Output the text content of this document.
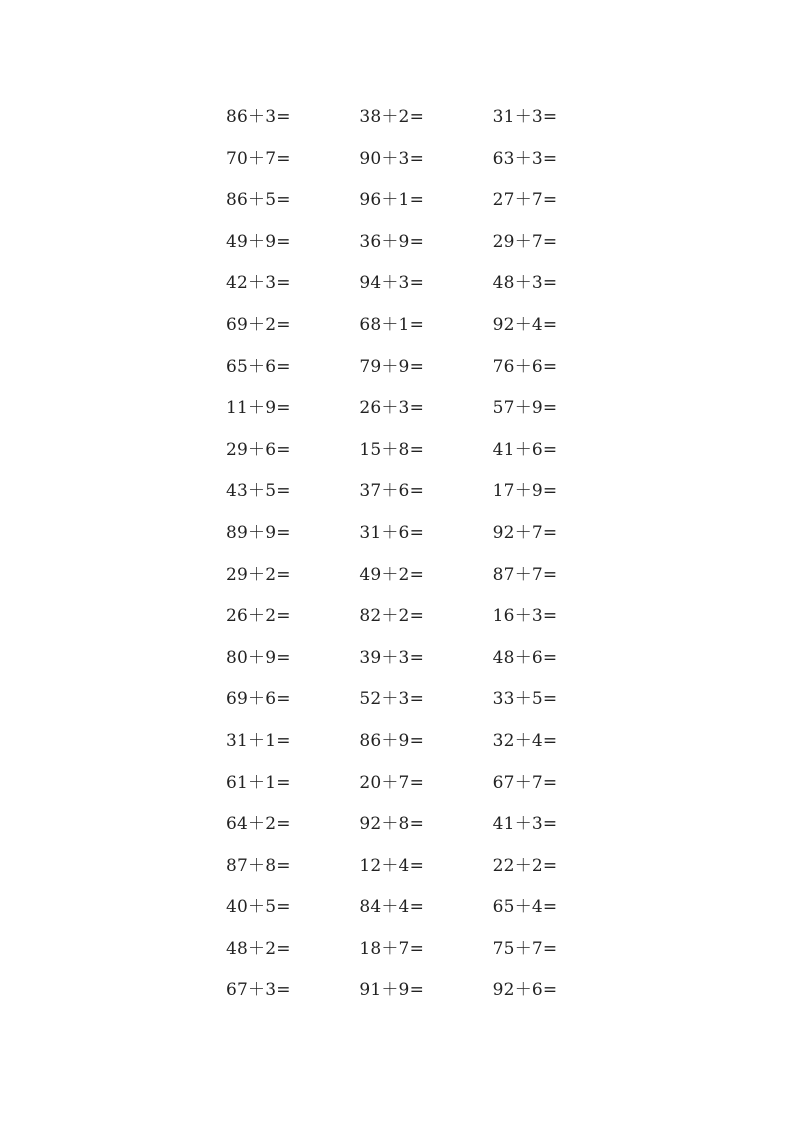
86＋3=	38＋2=	31＋3=
70＋7=	90＋3=	63＋3=
86＋5=	96＋1=	27＋7=
49＋9=	36＋9=	29＋7=
42＋3=	94＋3=	48＋3=
69＋2=	68＋1=	92＋4=
65＋6=	79＋9=	76＋6=
11＋9=	26＋3=	57＋9=
29＋6=	15＋8=	41＋6=
43＋5=	37＋6=	17＋9=
89＋9=	31＋6=	92＋7=
29＋2=	49＋2=	87＋7=
26＋2=	82＋2=	16＋3=
80＋9=	39＋3=	48＋6=
69＋6=	52＋3=	33＋5=
31＋1=	86＋9=	32＋4=
61＋1=	20＋7=	67＋7=
64＋2=	92＋8=	41＋3=
87＋8=	12＋4=	22＋2=
40＋5=	84＋4=	65＋4=
48＋2=	18＋7=	75＋7=
67＋3=	91＋9=	92＋6=
